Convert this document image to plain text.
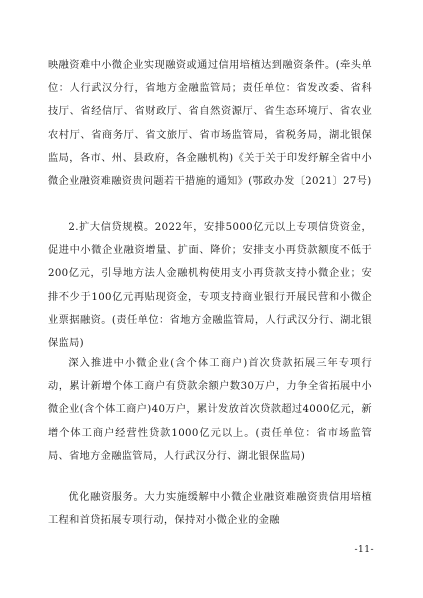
映融资难中小微企业实现融资或通过信用培植达到融资条件。(牵头单位：人行武汉分行，省地方金融监管局；责任单位：省发改委、省科技厅、省经信厅、省财政厅、省自然资源厅、省生态环境厅、省农业农村厅、省商务厅、省文旅厅、省市场监管局，省税务局，湖北银保监局，各市、州、县政府，各金融机构)《关于关于印发纾解全省中小微企业融资难融资贵问题若干措施的通知》(鄂政办发〔2021〕27号)

2.扩大信贷规模。2022年，安排5000亿元以上专项信贷资金，促进中小微企业融资增量、扩面、降价；安排支小再贷款额度不低于200亿元，引导地方法人金融机构使用支小再贷款支持小微企业；安排不少于100亿元再贴现资金，专项支持商业银行开展民营和小微企业票据融资。(责任单位：省地方金融监管局，人行武汉分行、湖北银保监局)

深入推进中小微企业(含个体工商户)首次贷款拓展三年专项行动，累计新增个体工商户有贷款余额户数30万户，力争全省拓展中小微企业(含个体工商户)40万户，累计发放首次贷款超过4000亿元，新增个体工商户经营性贷款1000亿元以上。(责任单位：省市场监管局、省地方金融监管局，人行武汉分行、湖北银保监局)

优化融资服务。大力实施缓解中小微企业融资难融资贵信用培植工程和首贷拓展专项行动，保持对小微企业的金融

-11-
